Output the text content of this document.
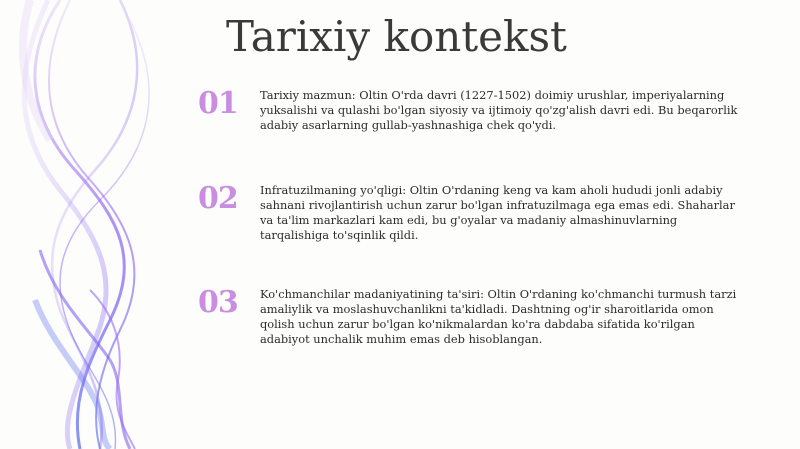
Tarixiy kontekst
01 Tarixiy mazmun: Oltin O'rda davri (1227-1502) doimiy urushlar, imperiyalarning yuksalishi va qulashi bo'lgan siyosiy va ijtimoiy qo'zg'alish davri edi. Bu beqarorlik adabiy asarlarning gullab-yashnashiga chek qo'ydi.
02 Infratuzilmaning yo'qligi: Oltin O'rdaning keng va kam aholi hududi jonli adabiy sahnani rivojlantirish uchun zarur bo'lgan infratuzilmaga ega emas edi. Shaharlar va ta'lim markazlari kam edi, bu g'oyalar va madaniy almashinuvlarning tarqalishiga to'sqinlik qildi.
03 Ko'chmanchilar madaniyatining ta'siri: Oltin O'rdaning ko'chmanchi turmush tarzi amaliylik va moslashuvchanlikni ta'kidladi. Dashtning og'ir sharoitlarida omon qolish uchun zarur bo'lgan ko'nikmalardan ko'ra dabdaba sifatida ko'rilgan adabiyot unchalik muhim emas deb hisoblangan.
